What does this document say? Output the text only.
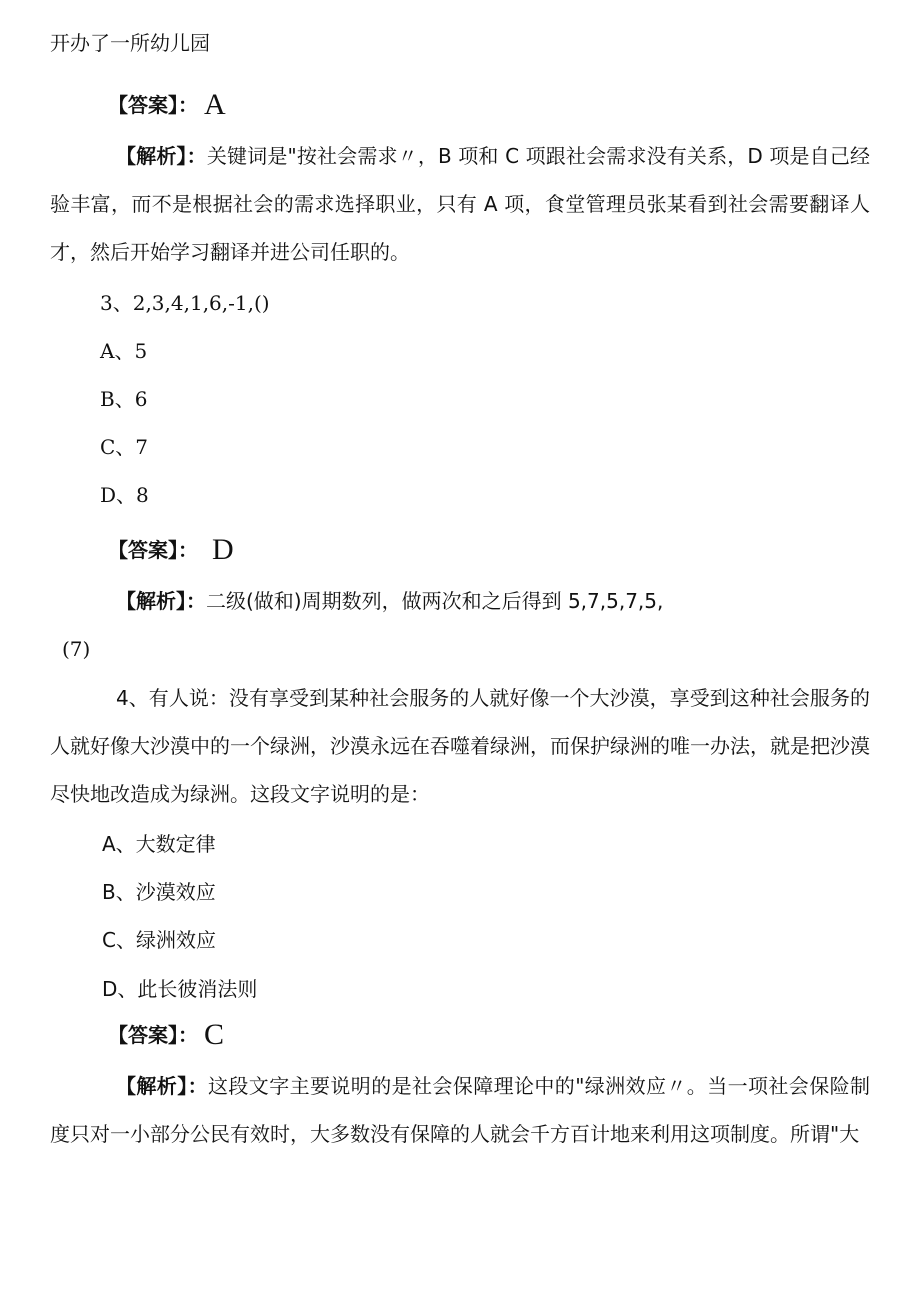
开办了一所幼儿园
【答案】： A
【解析】：关键词是"按社会需求〃，B 项和 C 项跟社会需求没有关系，D 项是自己经验丰富，而不是根据社会的需求选择职业，只有 A 项，食堂管理员张某看到社会需要翻译人才，然后开始学习翻译并进公司任职的。
3、2,3,4,1,6,-1,()
A、5
B、6
C、7
D、8
【答案】： D
【解析】：二级(做和)周期数列，做两次和之后得到 5,7,5,7,5,
(7)
4、有人说：没有享受到某种社会服务的人就好像一个大沙漠，享受到这种社会服务的人就好像大沙漠中的一个绿洲，沙漠永远在吞噬着绿洲，而保护绿洲的唯一办法，就是把沙漠尽快地改造成为绿洲。这段文字说明的是：
A、大数定律
B、沙漠效应
C、绿洲效应
D、此长彼消法则
【答案】： C
【解析】：这段文字主要说明的是社会保障理论中的"绿洲效应〃。当一项社会保险制度只对一小部分公民有效时，大多数没有保障的人就会千方百计地来利用这项制度。所谓"大
